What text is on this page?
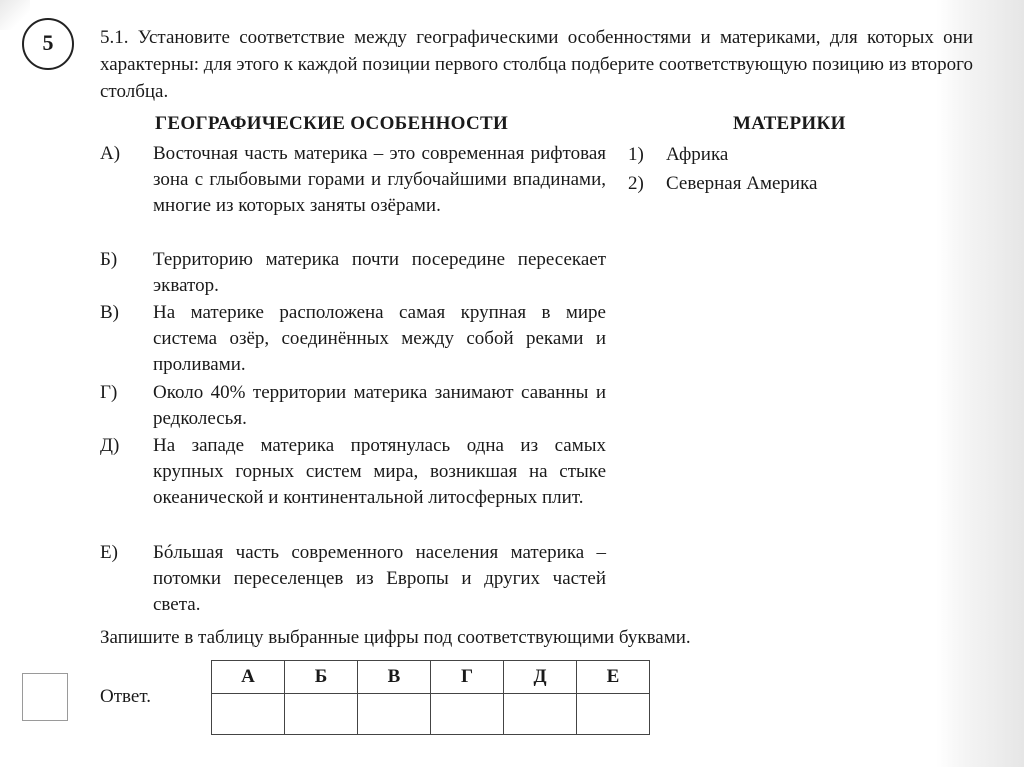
5	5.1. Установите соответствие между географическими особенностями и материками, для которых они характерны: для этого к каждой позиции первого столбца подберите соответствующую позицию из второго столбца.

ГЕОГРАФИЧЕСКИЕ ОСОБЕННОСТИ	МАТЕРИКИ
А)	Восточная часть материка – это современная рифтовая зона с глыбовыми горами и глубочайшими впадинами, многие из которых заняты озёрами.
Б)	Территорию материка почти посередине пересекает экватор.
В)	На материке расположена самая крупная в мире система озёр, соединённых между собой реками и проливами.
Г)	Около 40% территории материка занимают саванны и редколесья.
Д)	На западе материка протянулась одна из самых крупных горных систем мира, возникшая на стыке океанической и континентальной литосферных плит.
Е)	Бóльшая часть современного населения материка – потомки переселенцев из Европы и других частей света.
1) Африка
2) Северная Америка
Запишите в таблицу выбранные цифры под соответствующими буквами.
Ответ.
А	Б	В	Г	Д	Е
